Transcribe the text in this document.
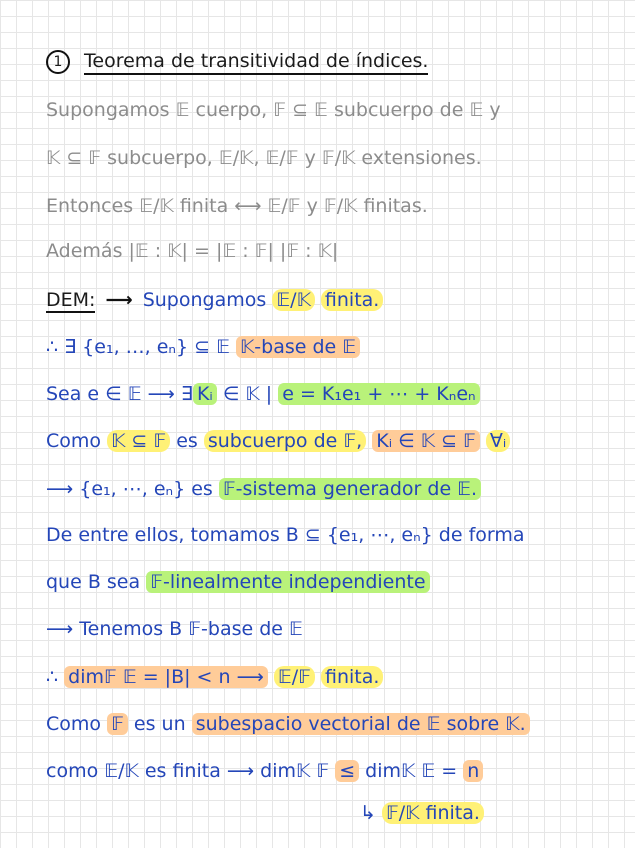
1 Teorema de transitividad de índices.
Supongamos 𝔼 cuerpo, 𝔽 ⊆ 𝔼 subcuerpo de 𝔼 y
𝕂 ⊆ 𝔽 subcuerpo, 𝔼/𝕂, 𝔼/𝔽 y 𝔽/𝕂 extensiones.
Entonces 𝔼/𝕂 finita ⟷ 𝔼/𝔽 y 𝔽/𝕂 finitas.
Además |𝔼 : 𝕂| = |𝔼 : 𝔽| |𝔽 : 𝕂|
DEM: ⟶ Supongamos 𝔼/𝕂 finita.
∴ ∃ {e₁, …, eₙ} ⊆ 𝔼 𝕂-base de 𝔼
Sea e ∈ 𝔼 ⟶ ∃ Kᵢ ∈ 𝕂 | e = K₁e₁ + ⋯ + Kₙeₙ
Como 𝕂 ⊆ 𝔽 es subcuerpo de 𝔽, Kᵢ ∈ 𝕂 ⊆ 𝔽 ∀ᵢ
⟶ {e₁, ⋯, eₙ} es 𝔽-sistema generador de 𝔼.
De entre ellos, tomamos B ⊆ {e₁, ⋯, eₙ} de forma
que B sea 𝔽-linealmente independiente
⟶ Tenemos B 𝔽-base de 𝔼
∴ dim𝔽 𝔼 = |B| < n ⟶ 𝔼/𝔽 finita.
Como 𝔽 es un subespacio vectorial de 𝔼 sobre 𝕂.
como 𝔼/𝕂 es finita ⟶ dim𝕂 𝔽 ≤ dim𝕂 𝔼 = n
↳ 𝔽/𝕂 finita.
